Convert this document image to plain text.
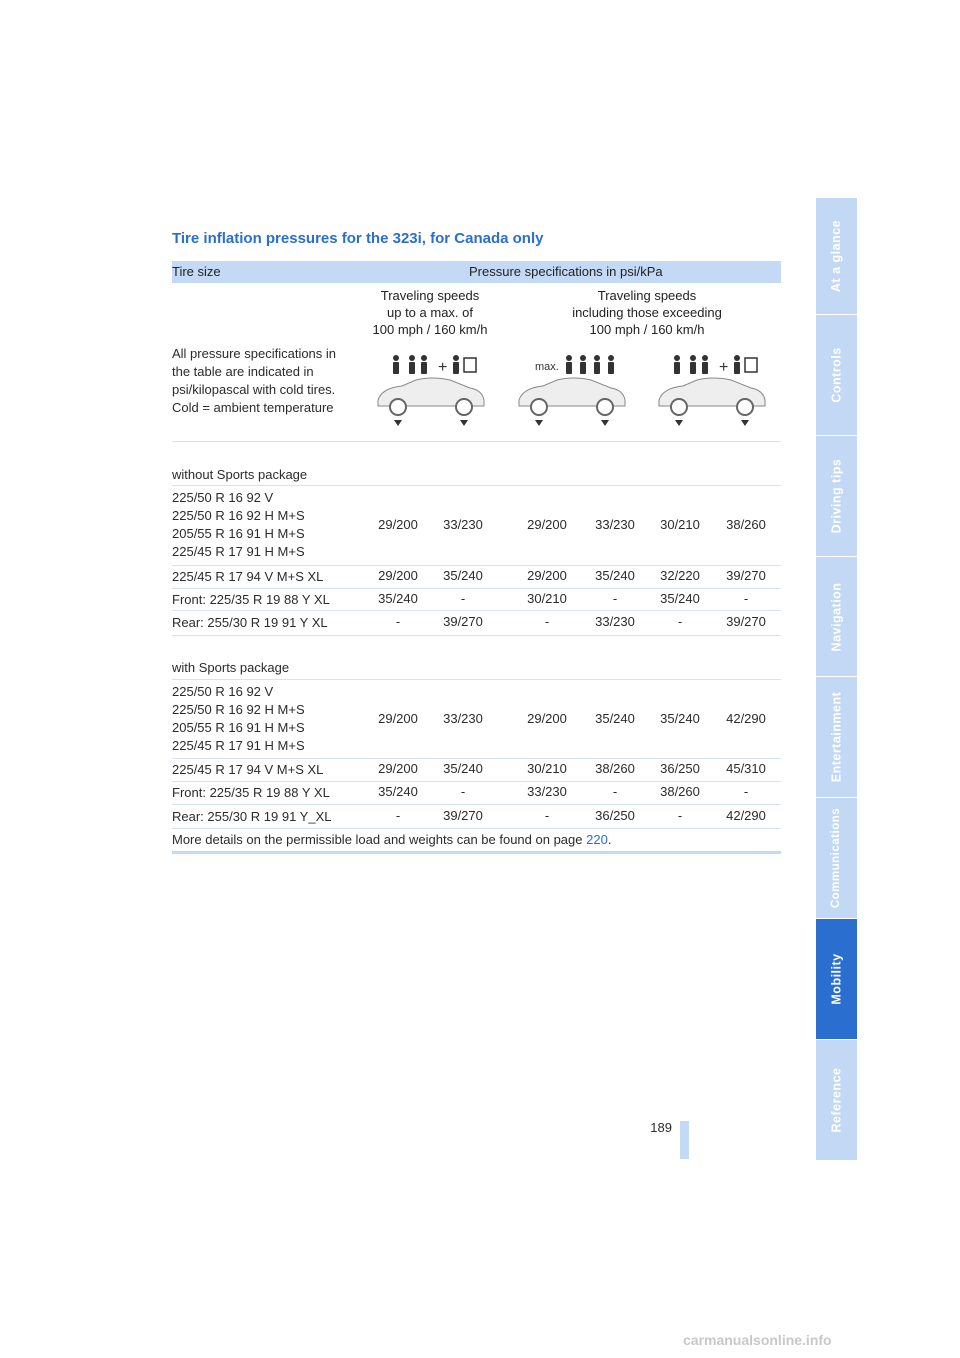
Tire inflation pressures for the 323i, for Canada only
Tire size	Pressure specifications in psi/kPa
Traveling speeds
up to a max. of
100 mph / 160 km/h
Traveling speeds
including those exceeding
100 mph / 160 km/h
All pressure specifications in the table are indicated in psi/kilopascal with cold tires. Cold = ambient temperature
+	max.	+
without Sports package
225/50 R 16 92 V
225/50 R 16 92 H M+S
205/55 R 16 91 H M+S
225/45 R 17 91 H M+S
29/200	33/230	29/200	33/230	30/210	38/260
225/45 R 17 94 V M+S XL	29/200	35/240	29/200	35/240	32/220	39/270
Front: 225/35 R 19 88 Y XL	35/240	-	30/210	-	35/240	-
Rear: 255/30 R 19 91 Y XL	-	39/270	-	33/230	-	39/270
with Sports package
225/50 R 16 92 V
225/50 R 16 92 H M+S
205/55 R 16 91 H M+S
225/45 R 17 91 H M+S
29/200	33/230	29/200	35/240	35/240	42/290
225/45 R 17 94 V M+S XL	29/200	35/240	30/210	38/260	36/250	45/310
Front: 225/35 R 19 88 Y XL	35/240	-	33/230	-	38/260	-
Rear: 255/30 R 19 91 Y_XL	-	39/270	-	36/250	-	42/290
More details on the permissible load and weights can be found on page 220.
At a glance
Controls
Driving tips
Navigation
Entertainment
Communications
Mobility
Reference
189
carmanualsonline.info
